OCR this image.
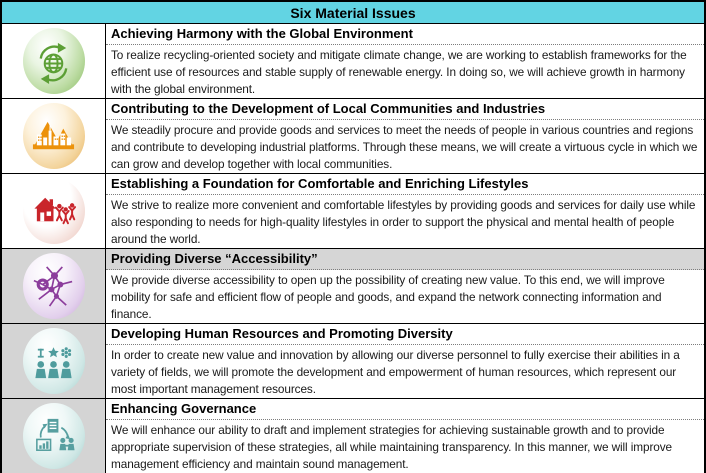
Six Material Issues
Achieving Harmony with the Global Environment
To realize recycling-oriented society and mitigate climate change, we are working to establish frameworks for the efficient use of resources and stable supply of renewable energy. In doing so, we will achieve growth in harmony with the global environment.
Contributing to the Development of Local Communities and Industries
We steadily procure and provide goods and services to meet the needs of people in various countries and regions and contribute to developing industrial platforms. Through these means, we will create a virtuous cycle in which we can grow and develop together with local communities.
Establishing a Foundation for Comfortable and Enriching Lifestyles
We strive to realize more convenient and comfortable lifestyles by providing goods and services for daily use while also responding to needs for high-quality lifestyles in order to support the physical and mental health of people around the world.
Providing Diverse “Accessibility”
We provide diverse accessibility to open up the possibility of creating new value. To this end, we will improve mobility for safe and efficient flow of people and goods, and expand the network connecting information and finance.
Developing Human Resources and Promoting Diversity
In order to create new value and innovation by allowing our diverse personnel to fully exercise their abilities in a variety of fields, we will promote the development and empowerment of human resources, which represent our most important management resources.
Enhancing Governance
We will enhance our ability to draft and implement strategies for achieving sustainable growth and to provide appropriate supervision of these strategies, all while maintaining transparency. In this manner, we will improve management efficiency and maintain sound management.
